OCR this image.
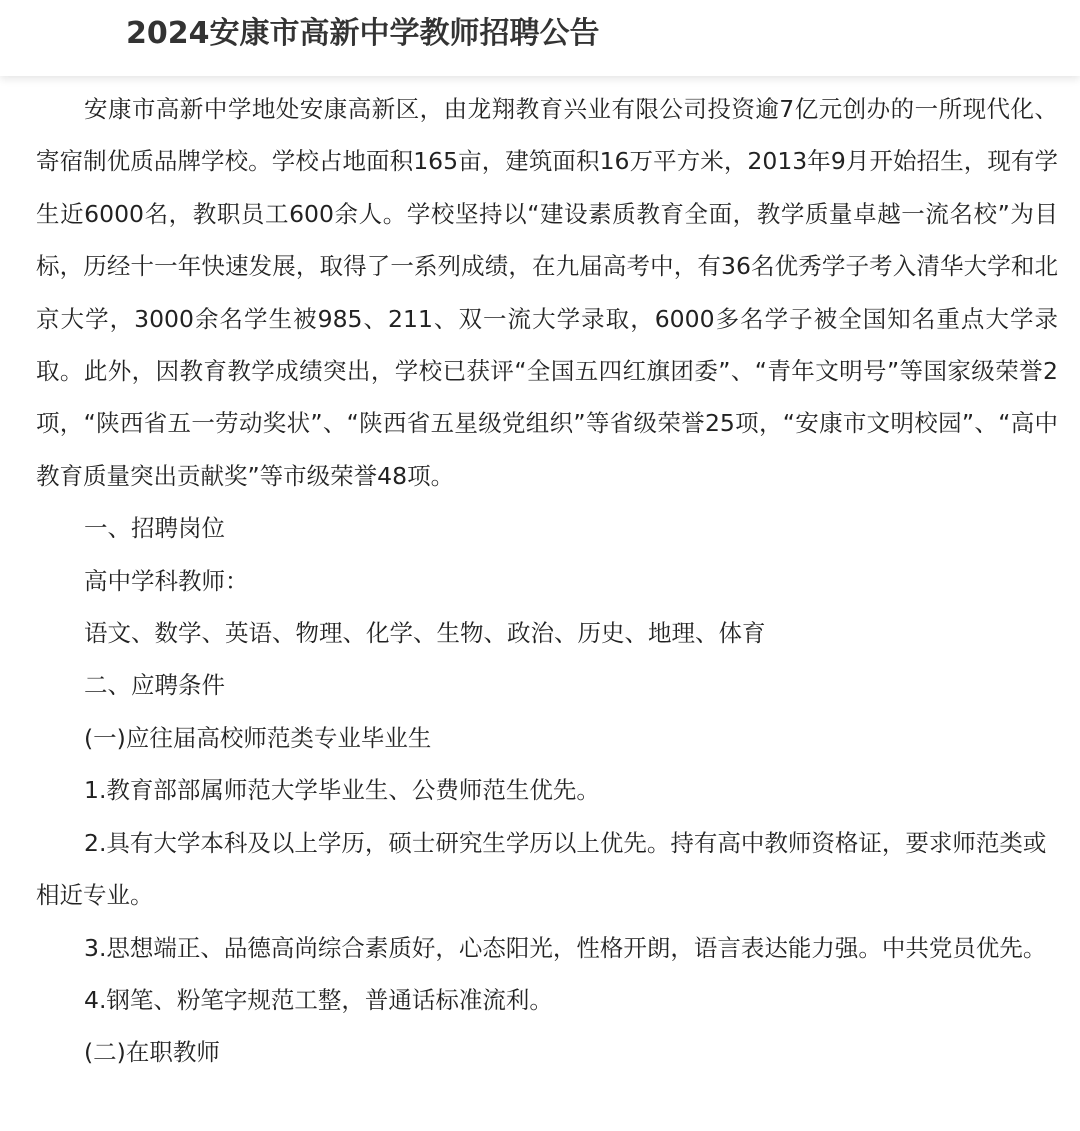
2024安康市高新中学教师招聘公告

安康市高新中学地处安康高新区，由龙翔教育兴业有限公司投资逾7亿元创办的一所现代化、寄宿制优质品牌学校。学校占地面积165亩，建筑面积16万平方米，2013年9月开始招生，现有学生近6000名，教职员工600余人。学校坚持以“建设素质教育全面，教学质量卓越一流名校”为目标，历经十一年快速发展，取得了一系列成绩，在九届高考中，有36名优秀学子考入清华大学和北京大学，3000余名学生被985、211、双一流大学录取，6000多名学子被全国知名重点大学录取。此外，因教育教学成绩突出，学校已获评“全国五四红旗团委”、“青年文明号”等国家级荣誉2项，“陕西省五一劳动奖状”、“陕西省五星级党组织”等省级荣誉25项，“安康市文明校园”、“高中教育质量突出贡献奖”等市级荣誉48项。

一、招聘岗位

高中学科教师：

语文、数学、英语、物理、化学、生物、政治、历史、地理、体育

二、应聘条件

(一)应往届高校师范类专业毕业生

1.教育部部属师范大学毕业生、公费师范生优先。

2.具有大学本科及以上学历，硕士研究生学历以上优先。持有高中教师资格证，要求师范类或相近专业。

3.思想端正、品德高尚综合素质好，心态阳光，性格开朗，语言表达能力强。中共党员优先。

4.钢笔、粉笔字规范工整，普通话标准流利。

(二)在职教师
